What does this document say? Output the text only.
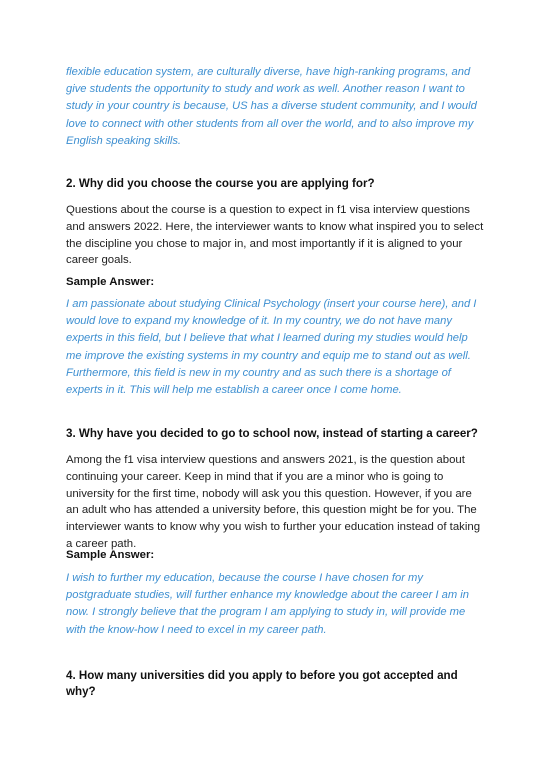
flexible education system, are culturally diverse, have high-ranking programs, and give students the opportunity to study and work as well. Another reason I want to study in your country is because, US has a diverse student community, and I would love to connect with other students from all over the world, and to also improve my English speaking skills.

2. Why did you choose the course you are applying for?

Questions about the course is a question to expect in f1 visa interview questions and answers 2022. Here, the interviewer wants to know what inspired you to select the discipline you chose to major in, and most importantly if it is aligned to your career goals.

Sample Answer:

I am passionate about studying Clinical Psychology (insert your course here), and I would love to expand my knowledge of it. In my country, we do not have many experts in this field, but I believe that what I learned during my studies would help me improve the existing systems in my country and equip me to stand out as well. Furthermore, this field is new in my country and as such there is a shortage of experts in it. This will help me establish a career once I come home.

3. Why have you decided to go to school now, instead of starting a career?

Among the f1 visa interview questions and answers 2021, is the question about continuing your career. Keep in mind that if you are a minor who is going to university for the first time, nobody will ask you this question. However, if you are an adult who has attended a university before, this question might be for you. The interviewer wants to know why you wish to further your education instead of taking a career path.

Sample Answer:

I wish to further my education, because the course I have chosen for my postgraduate studies, will further enhance my knowledge about the career I am in now. I strongly believe that the program I am applying to study in, will provide me with the know-how I need to excel in my career path.

4. How many universities did you apply to before you got accepted and why?
